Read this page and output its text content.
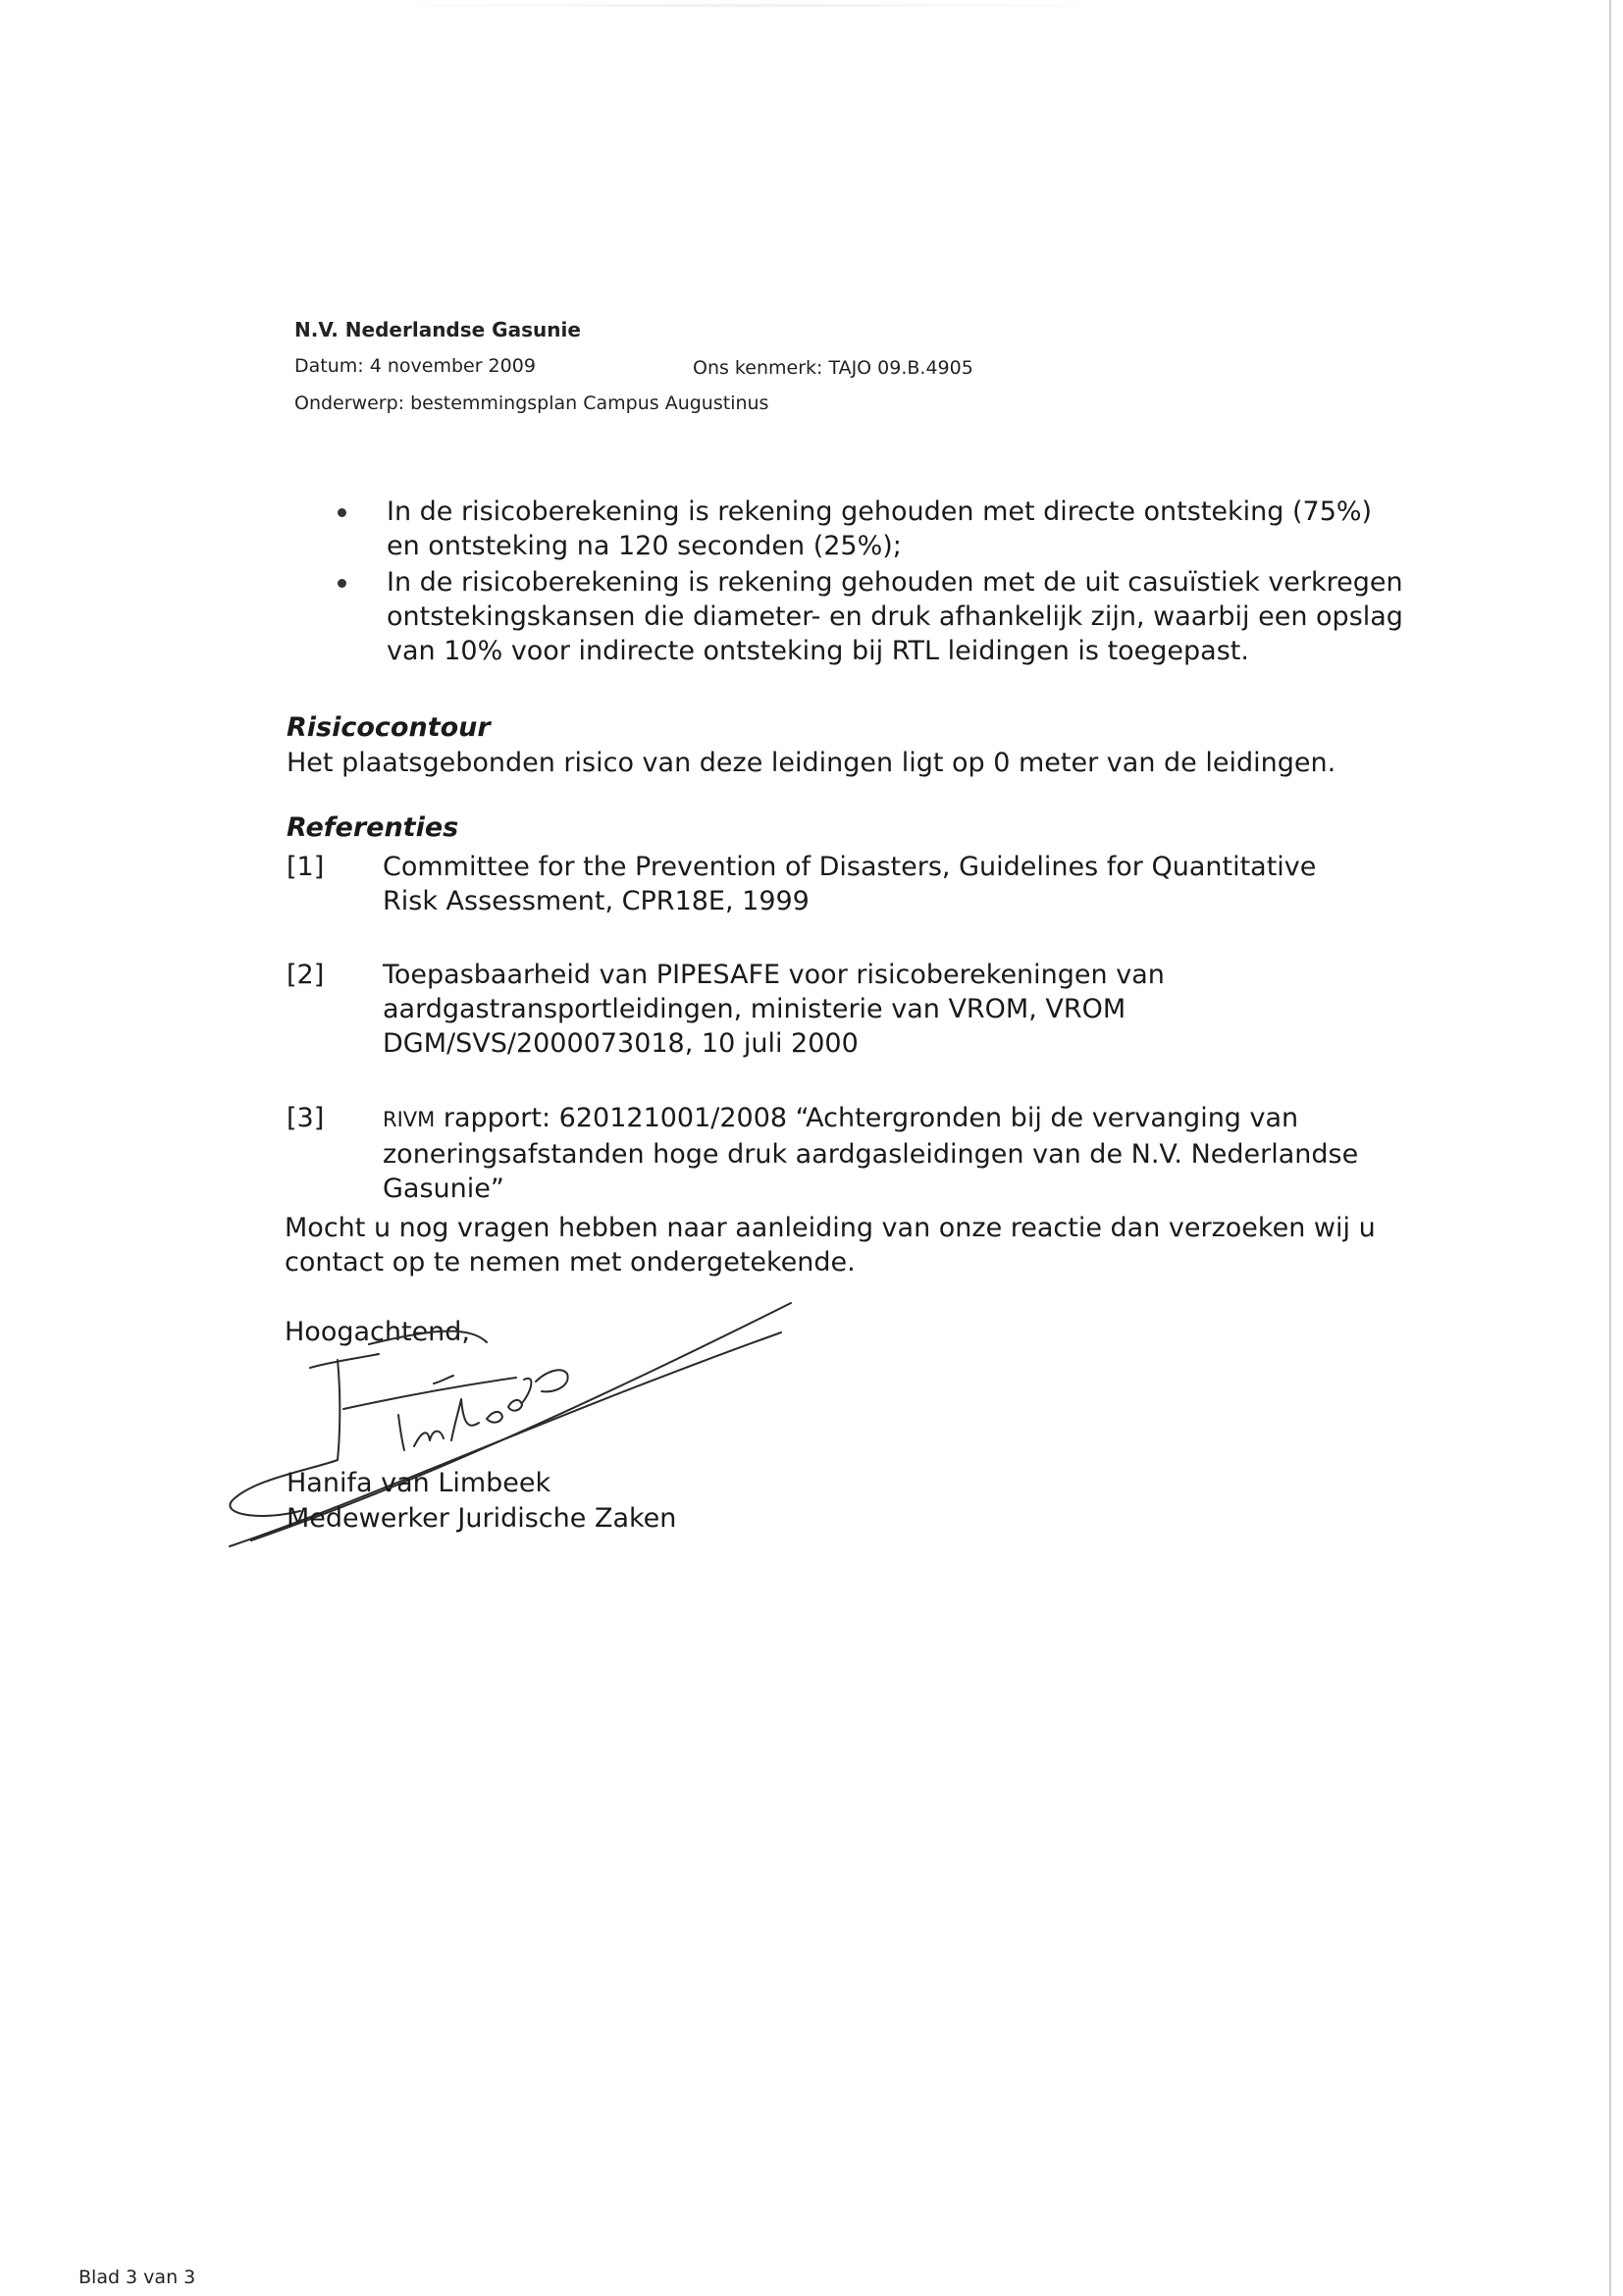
N.V. Nederlandse Gasunie
Datum: 4 november 2009	Ons kenmerk: TAJO 09.B.4905
Onderwerp: bestemmingsplan Campus Augustinus
In de risicoberekening is rekening gehouden met directe ontsteking (75%) en ontsteking na 120 seconden (25%);
In de risicoberekening is rekening gehouden met de uit casuïstiek verkregen ontstekingskansen die diameter- en druk afhankelijk zijn, waarbij een opslag van 10% voor indirecte ontsteking bij RTL leidingen is toegepast.
Risicocontour
Het plaatsgebonden risico van deze leidingen ligt op 0 meter van de leidingen.
Referenties
[1] Committee for the Prevention of Disasters, Guidelines for Quantitative Risk Assessment, CPR18E, 1999
[2] Toepasbaarheid van PIPESAFE voor risicoberekeningen van aardgastransportleidingen, ministerie van VROM, VROM DGM/SVS/2000073018, 10 juli 2000
[3]	RIVM rapport: 620121001/2008 “Achtergronden bij de vervanging van zoneringsafstanden hoge druk aardgasleidingen van de N.V. Nederlandse Gasunie”
Mocht u nog vragen hebben naar aanleiding van onze reactie dan verzoeken wij u contact op te nemen met ondergetekende.
Hoogachtend,
Hanifa van Limbeek
Medewerker Juridische Zaken
Blad 3 van 3
